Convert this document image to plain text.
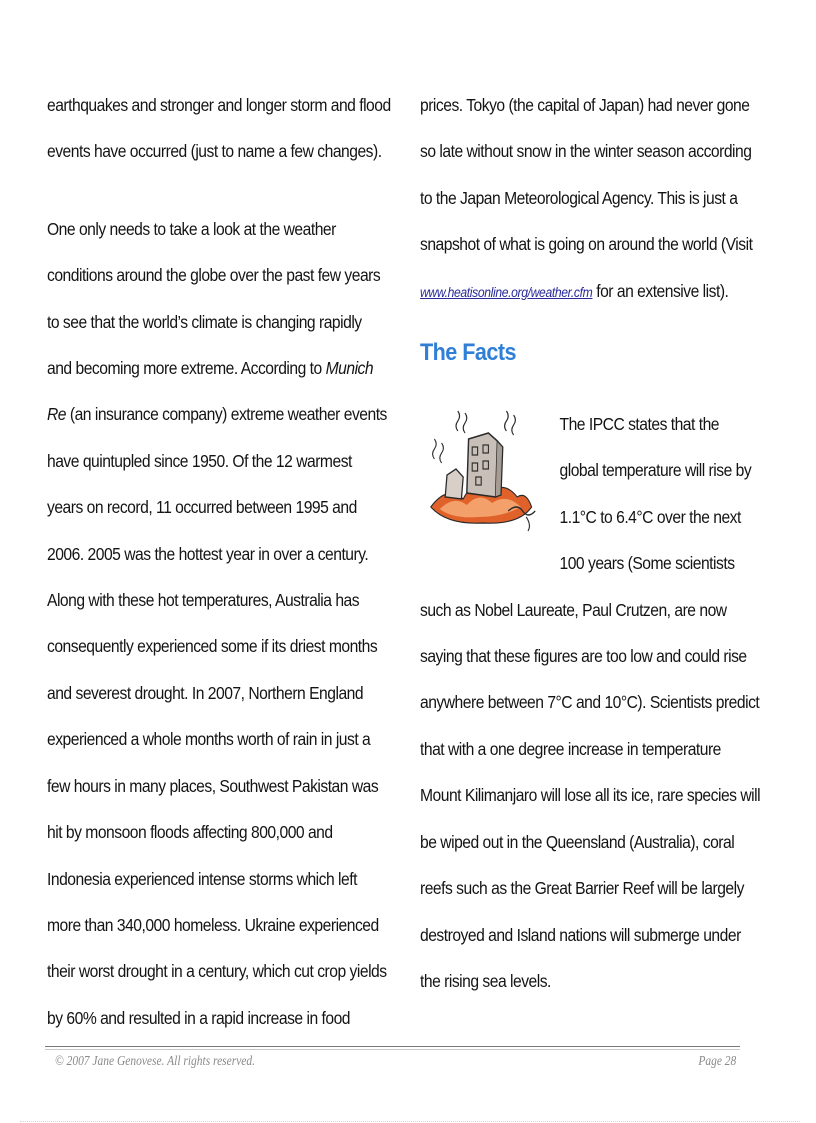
earthquakes and stronger and longer storm and flood
events have occurred (just to name a few changes).
One only needs to take a look at the weather
conditions around the globe over the past few years
to see that the world’s climate is changing rapidly
and becoming more extreme. According to Munich
Re (an insurance company) extreme weather events
have quintupled since 1950. Of the 12 warmest
years on record, 11 occurred between 1995 and
2006. 2005 was the hottest year in over a century.
Along with these hot temperatures, Australia has
consequently experienced some if its driest months
and severest drought. In 2007, Northern England
experienced a whole months worth of rain in just a
few hours in many places, Southwest Pakistan was
hit by monsoon floods affecting 800,000 and
Indonesia experienced intense storms which left
more than 340,000 homeless. Ukraine experienced
their worst drought in a century, which cut crop yields
by 60% and resulted in a rapid increase in food
prices. Tokyo (the capital of Japan) had never gone
so late without snow in the winter season according
to the Japan Meteorological Agency. This is just a
snapshot of what is going on around the world (Visit
www.heatisonline.org/weather.cfm for an extensive list).
The Facts
The IPCC states that the
global temperature will rise by
1.1°C to 6.4°C over the next
100 years (Some scientists
such as Nobel Laureate, Paul Crutzen, are now
saying that these figures are too low and could rise
anywhere between 7°C and 10°C). Scientists predict
that with a one degree increase in temperature
Mount Kilimanjaro will lose all its ice, rare species will
be wiped out in the Queensland (Australia), coral
reefs such as the Great Barrier Reef will be largely
destroyed and Island nations will submerge under
the rising sea levels.
© 2007 Jane Genovese. All rights reserved.	Page 28
